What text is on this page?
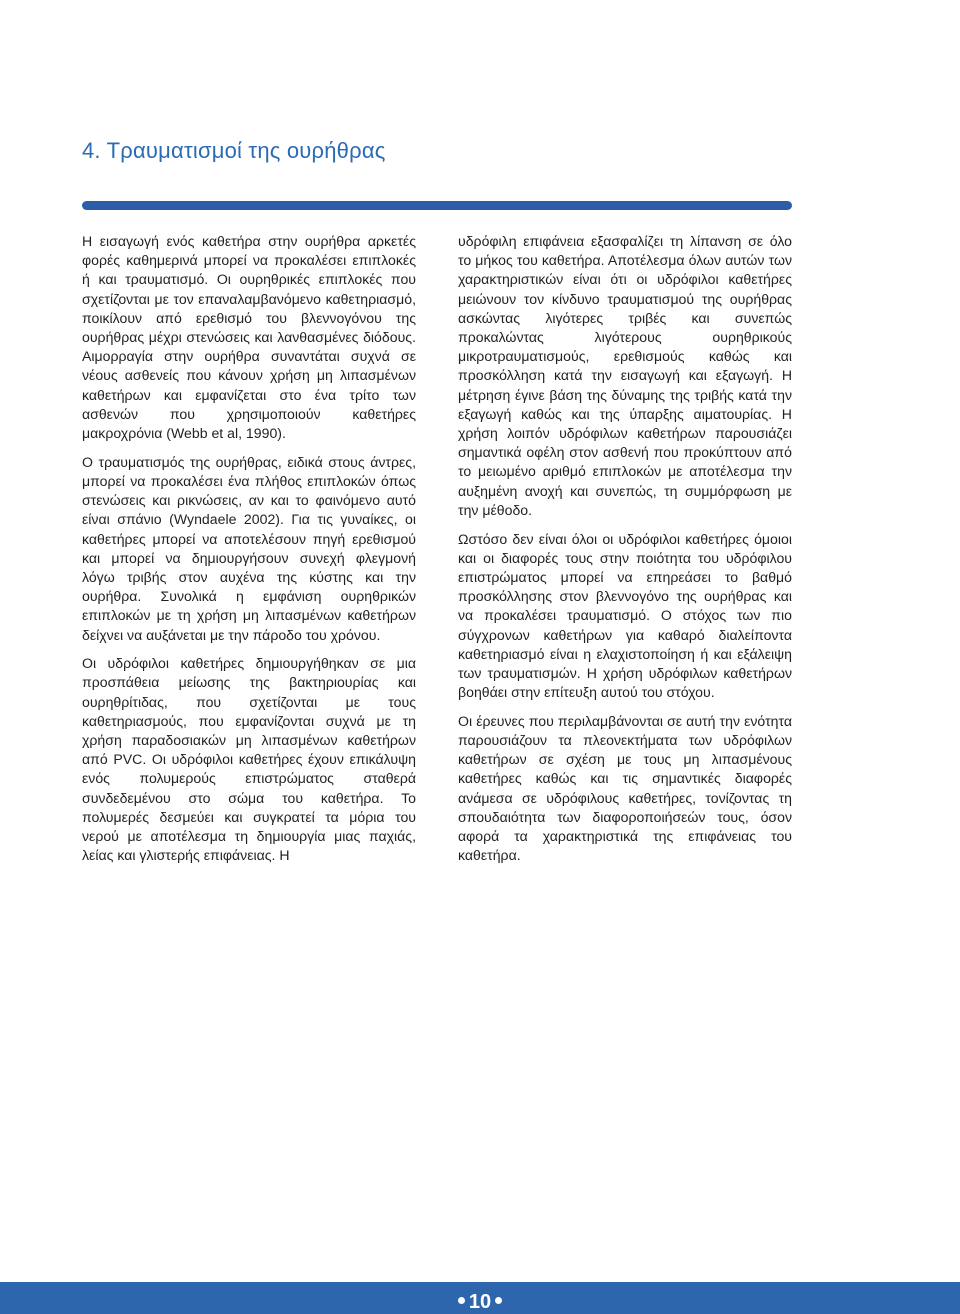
4. Τραυματισμοί της ουρήθρας

Η εισαγωγή ενός καθετήρα στην ουρήθρα αρκετές φορές καθημερινά μπορεί να προκαλέσει επιπλοκές ή και τραυματισμό. Οι ουρηθρικές επιπλοκές που σχετίζονται με τον επαναλαμβανόμενο καθετηριασμό, ποικίλουν από ερεθισμό του βλεννογόνου της ουρήθρας μέχρι στενώσεις και λανθασμένες διόδους. Αιμορραγία στην ουρήθρα συναντάται συχνά σε νέους ασθενείς που κάνουν χρήση μη λιπασμένων καθετήρων και εμφανίζεται στο ένα τρίτο των ασθενών που χρησιμοποιούν καθετήρες μακροχρόνια (Webb et al, 1990).

Ο τραυματισμός της ουρήθρας, ειδικά στους άντρες, μπορεί να προκαλέσει ένα πλήθος επιπλοκών όπως στενώσεις και ρικνώσεις, αν και το φαινόμενο αυτό είναι σπάνιο (Wyndaele 2002). Για τις γυναίκες, οι καθετήρες μπορεί να αποτελέσουν πηγή ερεθισμού και μπορεί να δημιουργήσουν συνεχή φλεγμονή λόγω τριβής στον αυχένα της κύστης και την ουρήθρα. Συνολικά η εμφάνιση ουρηθρικών επιπλοκών με τη χρήση μη λιπασμένων καθετήρων δείχνει να αυξάνεται με την πάροδο του χρόνου.

Οι υδρόφιλοι καθετήρες δημιουργήθηκαν σε μια προσπάθεια μείωσης της βακτηριουρίας και ουρηθρίτιδας, που σχετίζονται με τους καθετηριασμούς, που εμφανίζονται συχνά με τη χρήση παραδοσιακών μη λιπασμένων καθετήρων από PVC. Οι υδρόφιλοι καθετήρες έχουν επικάλυψη ενός πολυμερούς επιστρώματος σταθερά συνδεδεμένου στο σώμα του καθετήρα. Το πολυμερές δεσμεύει και συγκρατεί τα μόρια του νερού με αποτέλεσμα τη δημιουργία μιας παχιάς, λείας και γλιστερής επιφάνειας. Η

υδρόφιλη επιφάνεια εξασφαλίζει τη λίπανση σε όλο το μήκος του καθετήρα. Αποτέλεσμα όλων αυτών των χαρακτηριστικών είναι ότι οι υδρόφιλοι καθετήρες μειώνουν τον κίνδυνο τραυματισμού της ουρήθρας ασκώντας λιγότερες τριβές και συνεπώς προκαλώντας λιγότερους ουρηθρικούς μικροτραυματισμούς, ερεθισμούς καθώς και προσκόλληση κατά την εισαγωγή και εξαγωγή. Η μέτρηση έγινε βάση της δύναμης της τριβής κατά την εξαγωγή καθώς και της ύπαρξης αιματουρίας. Η χρήση λοιπόν υδρόφιλων καθετήρων παρουσιάζει σημαντικά οφέλη στον ασθενή που προκύπτουν από το μειωμένο αριθμό επιπλοκών με αποτέλεσμα την αυξημένη ανοχή και συνεπώς, τη συμμόρφωση με την μέθοδο.

Ωστόσο δεν είναι όλοι οι υδρόφιλοι καθετήρες όμοιοι και οι διαφορές τους στην ποιότητα του υδρόφιλου επιστρώματος μπορεί να επηρεάσει το βαθμό προσκόλλησης στον βλεννογόνο της ουρήθρας και να προκαλέσει τραυματισμό. Ο στόχος των πιο σύγχρονων καθετήρων για καθαρό διαλείποντα καθετηριασμό είναι η ελαχιστοποίηση ή και εξάλειψη των τραυματισμών. Η χρήση υδρόφιλων καθετήρων βοηθάει στην επίτευξη αυτού του στόχου.

Οι έρευνες που περιλαμβάνονται σε αυτή την ενότητα παρουσιάζουν τα πλεονεκτήματα των υδρόφιλων καθετήρων σε σχέση με τους μη λιπασμένους καθετήρες καθώς και τις σημαντικές διαφορές ανάμεσα σε υδρόφιλους καθετήρες, τονίζοντας τη σπουδαιότητα των διαφοροποιήσεών τους, όσον αφορά τα χαρακτηριστικά της επιφάνειας του καθετήρα.

10
